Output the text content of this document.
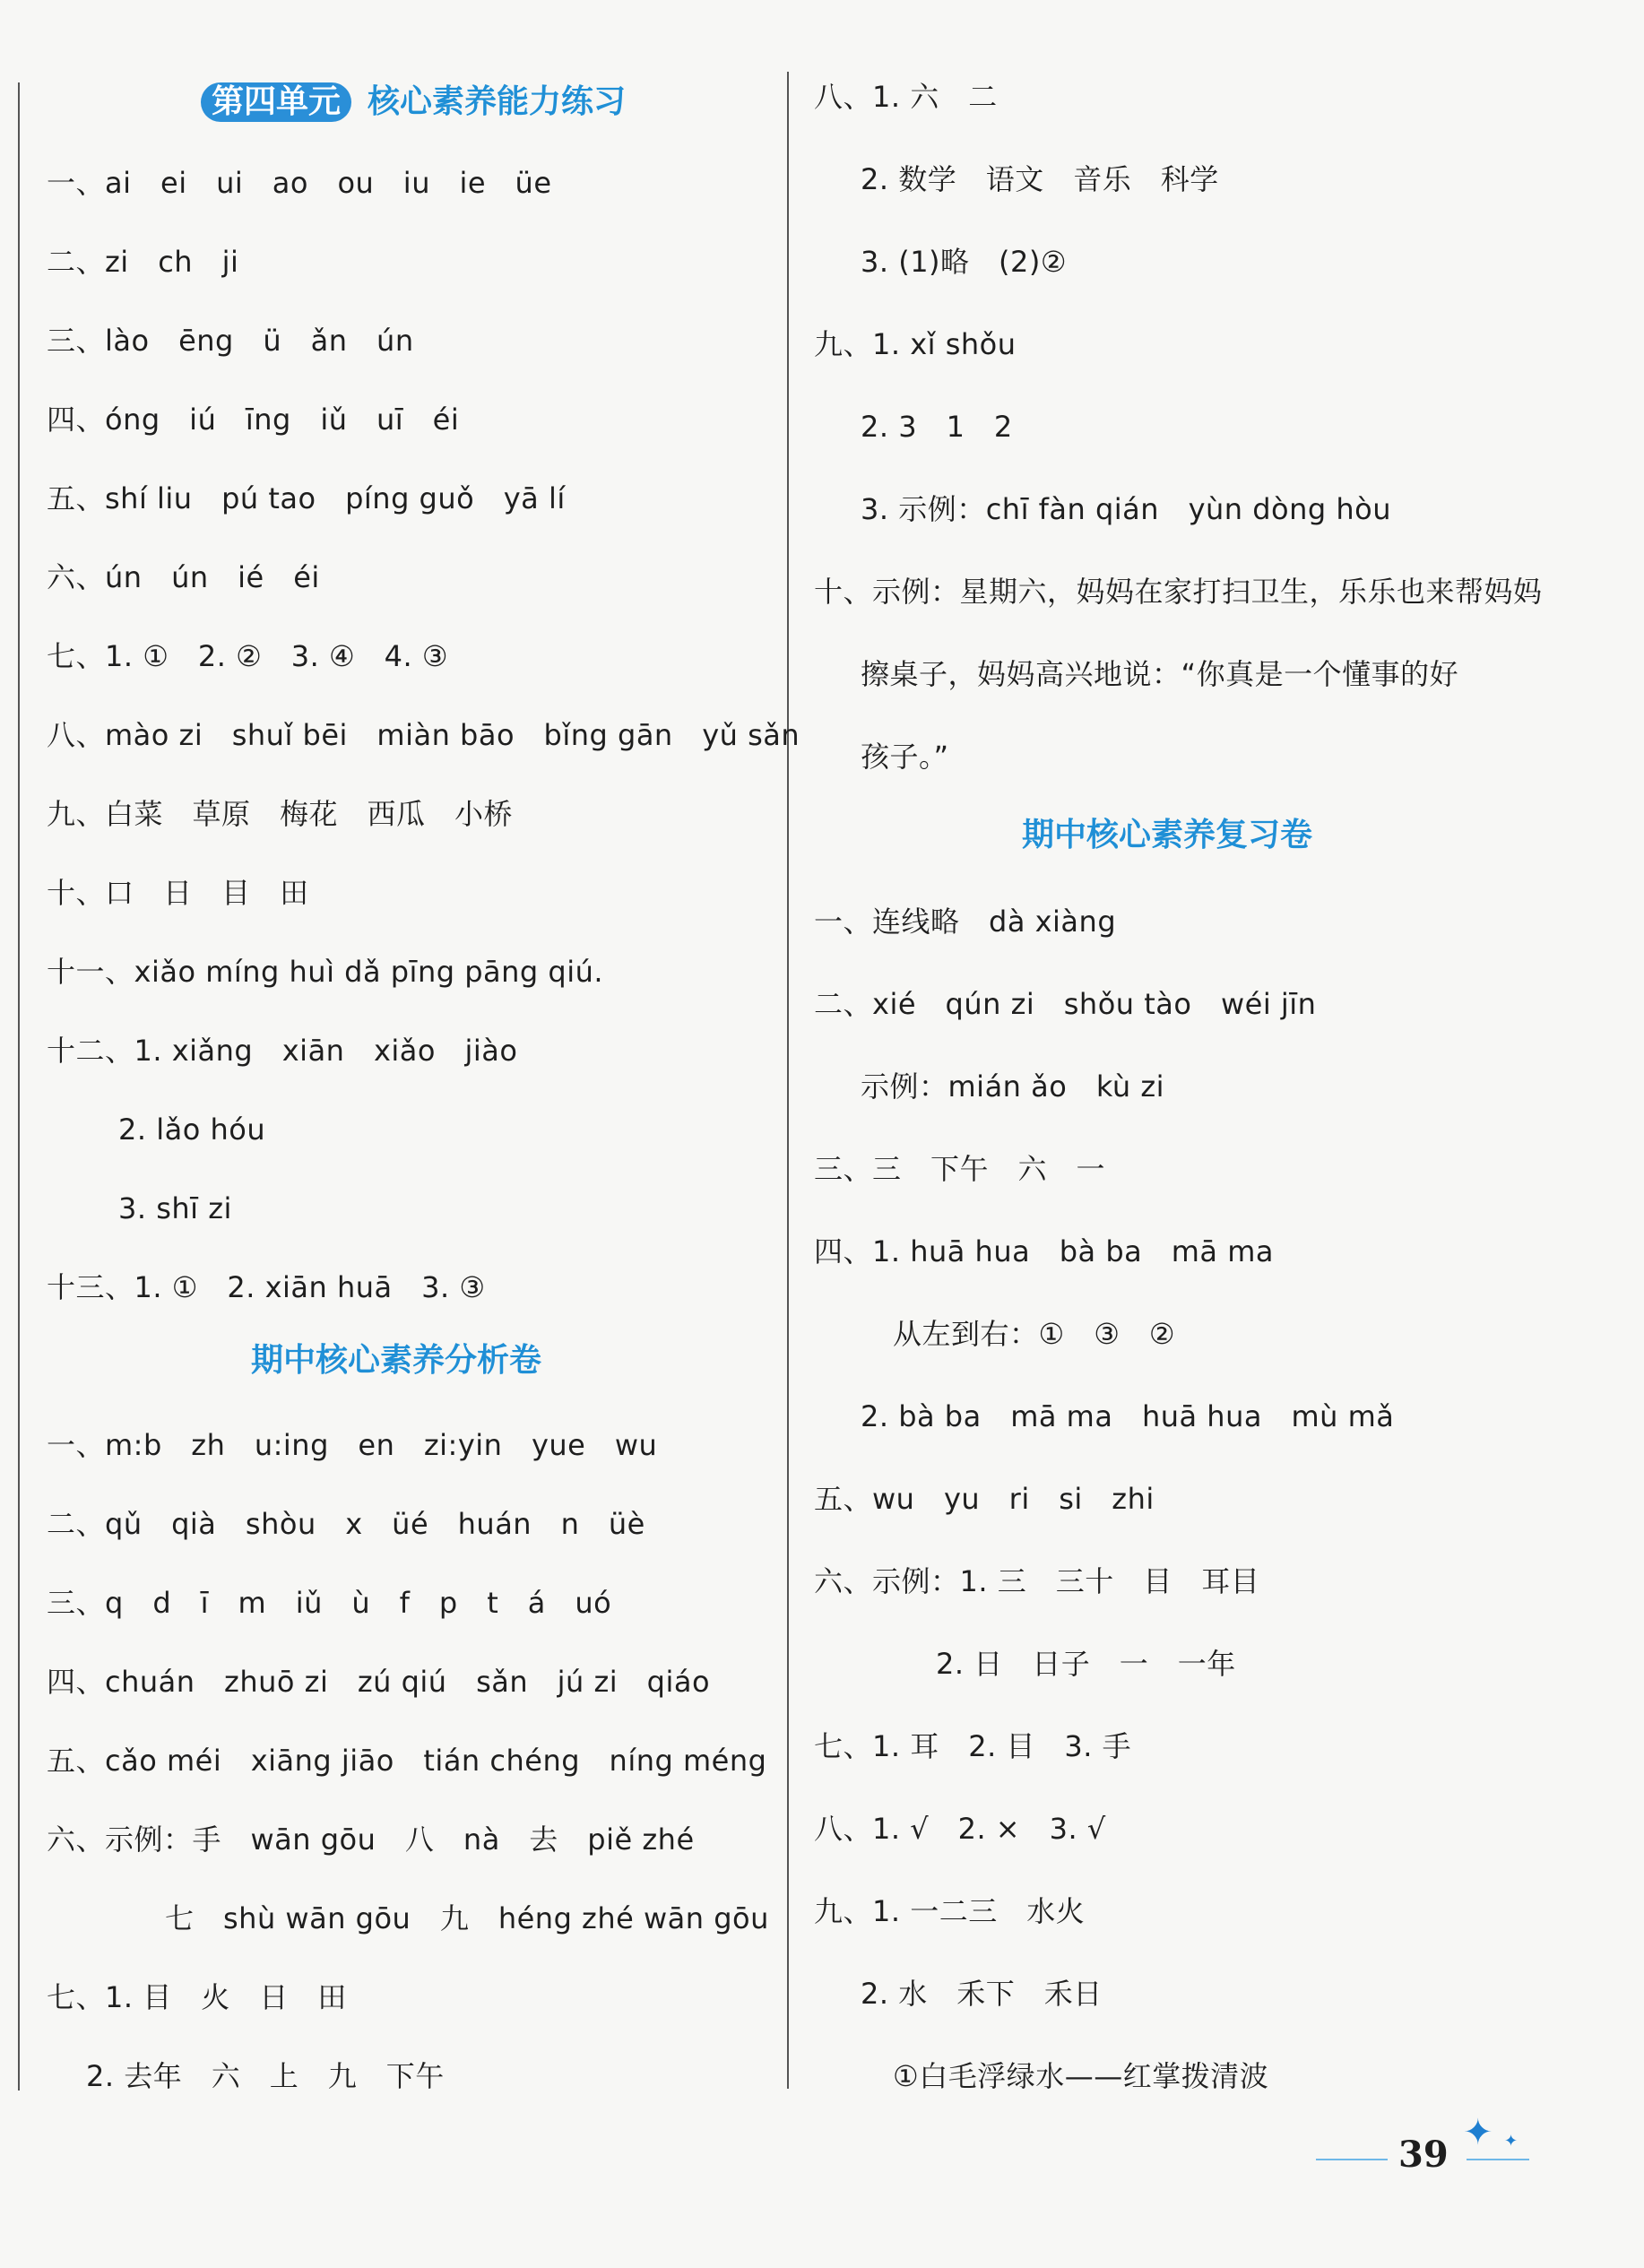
第四单元 核心素养能力练习
一、ai　ei　ui　ao　ou　iu　ie　üe
二、zi　ch　ji
三、lào　ēng　ü　ǎn　ún
四、óng　iú　īng　iǔ　uī　éi
五、shí liu　pú tao　píng guǒ　yā lí
六、ún　ún　ié　éi
七、1. ①　2. ②　3. ④　4. ③
八、mào zi　shuǐ bēi　miàn bāo　bǐng gān　yǔ sǎn
九、白菜　草原　梅花　西瓜　小桥
十、口　日　目　田
十一、xiǎo míng huì dǎ pīng pāng qiú.
十二、1. xiǎng　xiān　xiǎo　jiào
2. lǎo hóu
3. shī zi
十三、1. ①　2. xiān huā　3. ③
期中核心素养分析卷
一、m:b　zh　u:ing　en　zi:yin　yue　wu
二、qǔ　qià　shòu　x　üé　huán　n　üè
三、q　d　ī　m　iǔ　ù　f　p　t　á　uó
四、chuán　zhuō zi　zú qiú　sǎn　jú zi　qiáo
五、cǎo méi　xiāng jiāo　tián chéng　níng méng
六、示例：手　wān gōu　八　nà　去　piě zhé
七　shù wān gōu　九　héng zhé wān gōu
七、1. 目　火　日　田
2. 去年　六　上　九　下午
八、1. 六　二
2. 数学　语文　音乐　科学
3. (1)略　(2)②
九、1. xǐ shǒu
2. 3　1　2
3. 示例：chī fàn qián　yùn dòng hòu
十、示例：星期六，妈妈在家打扫卫生，乐乐也来帮妈妈
擦桌子，妈妈高兴地说：“你真是一个懂事的好
孩子。”
期中核心素养复习卷
一、连线略　dà xiàng
二、xié　qún zi　shǒu tào　wéi jīn
示例：mián ǎo　kù zi
三、三　下午　六　一
四、1. huā hua　bà ba　mā ma
从左到右：①　③　②
2. bà ba　mā ma　huā hua　mù mǎ
五、wu　yu　ri　si　zhi
六、示例：1. 三　三十　目　耳目
2. 日　日子　一　一年
七、1. 耳　2. 目　3. 手
八、1. √　2. ×　3. √
九、1. 一二三　水火
2. 水　禾下　禾日
①白毛浮绿水——红掌拨清波
39
✦ ✦
